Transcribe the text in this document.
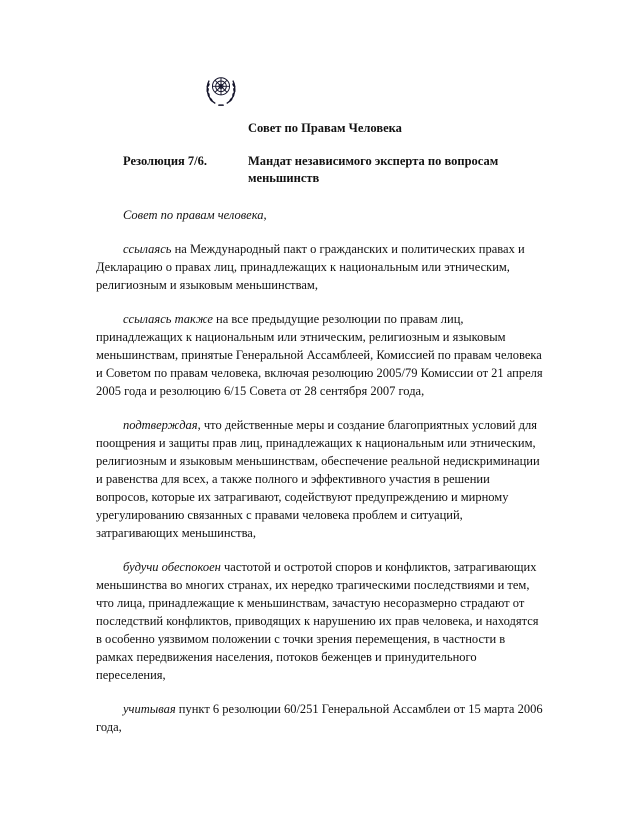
Совет по Правам Человека
Резолюция 7/6.	Мандат независимого эксперта по вопросам меньшинств

Совет по правам человека,

ссылаясь на Международный пакт о гражданских и политических правах и Декларацию о правах лиц, принадлежащих к национальным или этническим, религиозным и языковым меньшинствам,

ссылаясь также на все предыдущие резолюции по правам лиц, принадлежащих к национальным или этническим, религиозным и языковым меньшинствам, принятые Генеральной Ассамблеей, Комиссией по правам человека и Советом по правам человека, включая резолюцию 2005/79 Комиссии от 21 апреля 2005 года и резолюцию 6/15 Совета от 28 сентября 2007 года,

подтверждая, что действенные меры и создание благоприятных условий для поощрения и защиты прав лиц, принадлежащих к национальным или этническим, религиозным и языковым меньшинствам, обеспечение реальной недискриминации и равенства для всех, а также полного и эффективного участия в решении вопросов, которые их затрагивают, содействуют предупреждению и мирному урегулированию связанных с правами человека проблем и ситуаций, затрагивающих меньшинства,

будучи обеспокоен частотой и остротой споров и конфликтов, затрагивающих меньшинства во многих странах, их нередко трагическими последствиями и тем, что лица, принадлежащие к меньшинствам, зачастую несоразмерно страдают от последствий конфликтов, приводящих к нарушению их прав человека, и находятся в особенно уязвимом положении с точки зрения перемещения, в частности в рамках передвижения населения, потоков беженцев и принудительного переселения,

учитывая пункт 6 резолюции 60/251 Генеральной Ассамблеи от 15 марта 2006 года,
